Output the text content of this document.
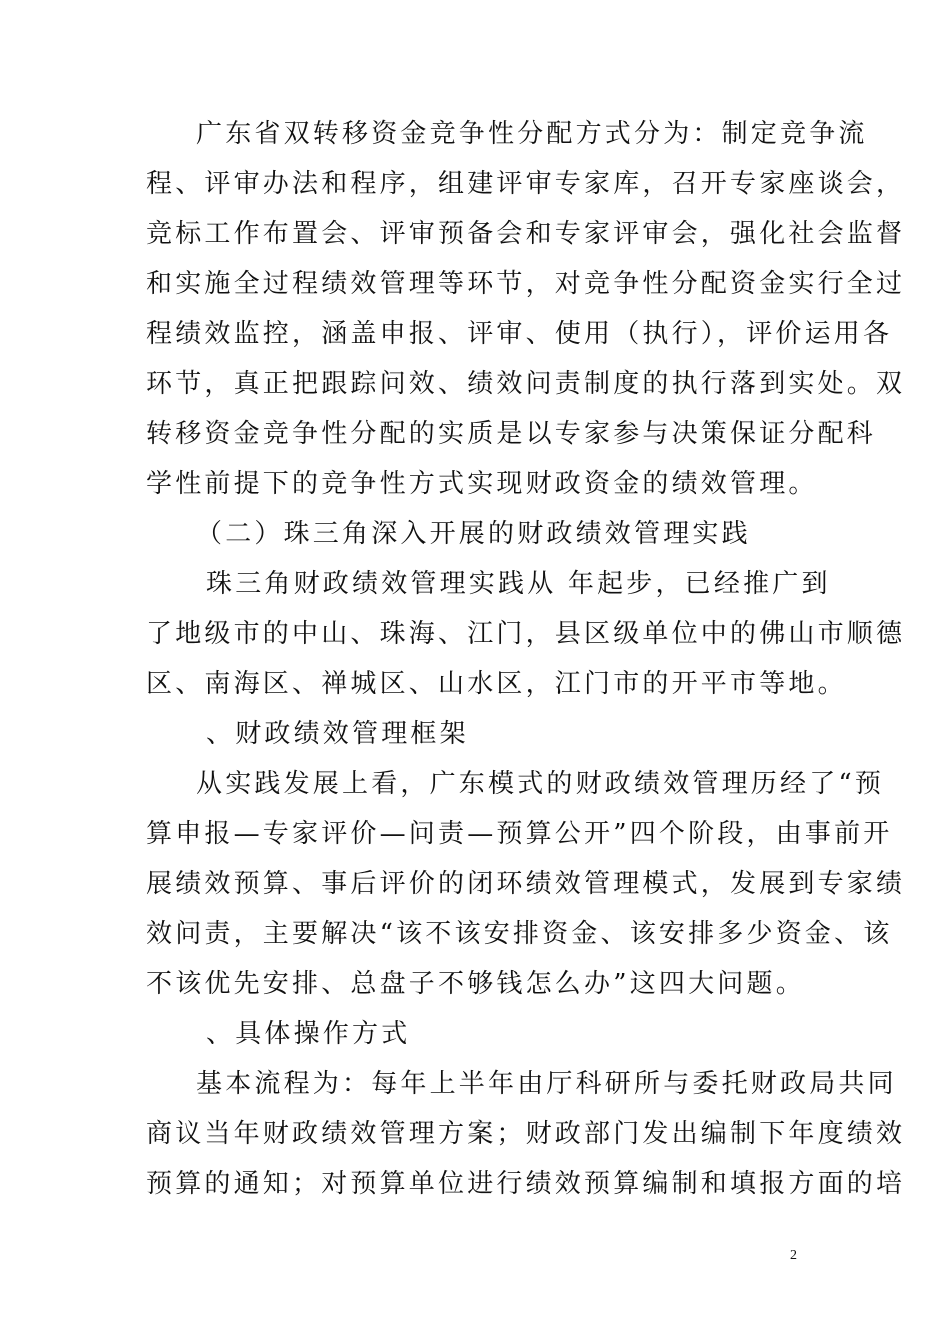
广东省双转移资金竞争性分配方式分为：制定竞争流
程、评审办法和程序，组建评审专家库，召开专家座谈会，
竞标工作布置会、评审预备会和专家评审会，强化社会监督
和实施全过程绩效管理等环节，对竞争性分配资金实行全过
程绩效监控，涵盖申报、评审、使用（执行），评价运用各
环节，真正把跟踪问效、绩效问责制度的执行落到实处。双
转移资金竞争性分配的实质是以专家参与决策保证分配科
学性前提下的竞争性方式实现财政资金的绩效管理。
（二）珠三角深入开展的财政绩效管理实践
珠三角财政绩效管理实践从 年起步，已经推广到
了地级市的中山、珠海、江门，县区级单位中的佛山市顺德
区、南海区、禅城区、山水区，江门市的开平市等地。
、财政绩效管理框架
从实践发展上看，广东模式的财政绩效管理历经了“预
算申报—专家评价—问责—预算公开”四个阶段，由事前开
展绩效预算、事后评价的闭环绩效管理模式，发展到专家绩
效问责，主要解决“该不该安排资金、该安排多少资金、该
不该优先安排、总盘子不够钱怎么办”这四大问题。
、具体操作方式
基本流程为：每年上半年由厅科研所与委托财政局共同
商议当年财政绩效管理方案；财政部门发出编制下年度绩效
预算的通知；对预算单位进行绩效预算编制和填报方面的培
2
